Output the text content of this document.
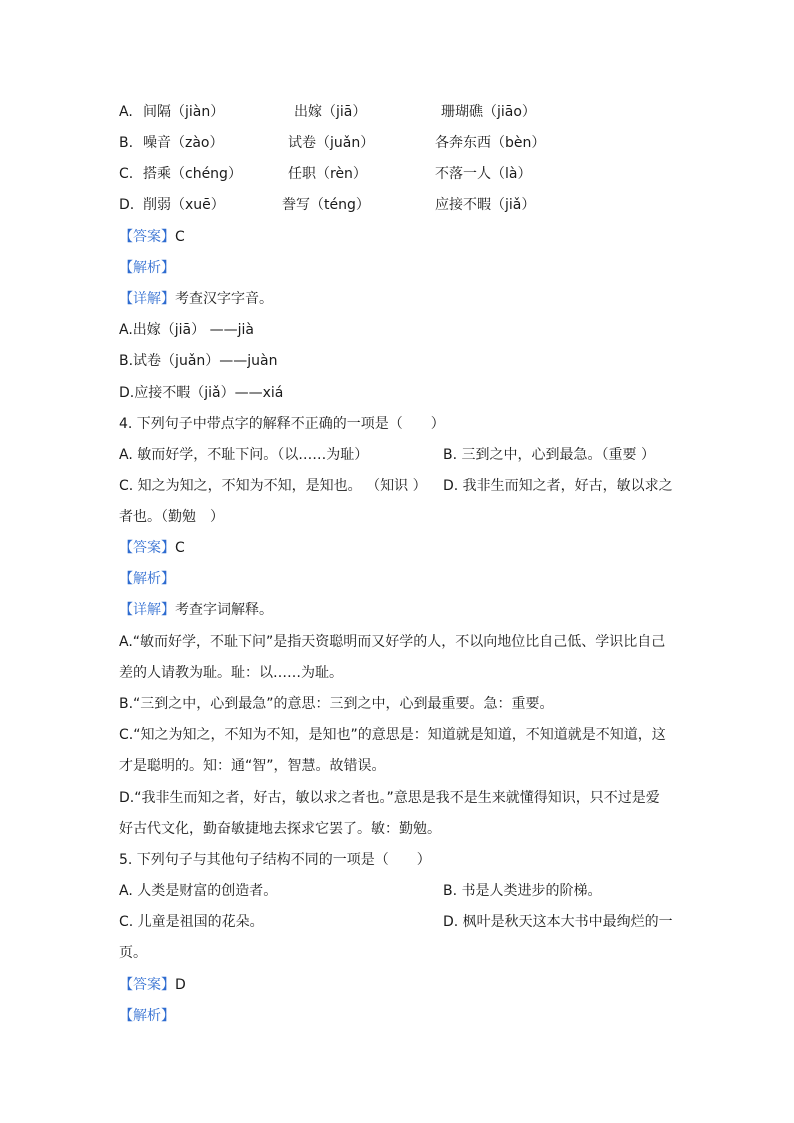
A. 间隔（jiàn）	出嫁（jiā）	珊瑚礁（jiāo）
B. 噪音（zào）	试卷（juǎn）	各奔东西（bèn）
C. 搭乘（chéng）	任职（rèn）	不落一人（là）
D. 削弱（xuē）	誊写（téng）	应接不暇（jiǎ）
【答案】C
【解析】
【详解】考查汉字字音。
A.出嫁（jiā） ——jià
B.试卷（juǎn）——juàn
D.应接不暇（jiǎ）——xiá
4. 下列句子中带点字的解释不正确的一项是（　　）
A. 敏而好学，不耻下问。（以……为耻）	B. 三到之中，心到最急。（重要 ）
C. 知之为知之，不知为不知，是知也。 （知识 ） D. 我非生而知之者，好古，敏以求之
者也。（勤勉　）
【答案】C
【解析】
【详解】考查字词解释。
A.“敏而好学，不耻下问”是指天资聪明而又好学的人，不以向地位比自己低、学识比自己
差的人请教为耻。耻：以……为耻。
B.“三到之中，心到最急”的意思：三到之中，心到最重要。急：重要。
C.“知之为知之，不知为不知，是知也”的意思是：知道就是知道，不知道就是不知道，这
才是聪明的。知：通“智”，智慧。故错误。
D.“我非生而知之者，好古，敏以求之者也。”意思是我不是生来就懂得知识，只不过是爱
好古代文化，勤奋敏捷地去探求它罢了。敏：勤勉。
5. 下列句子与其他句子结构不同的一项是（　　）
A. 人类是财富的创造者。	B. 书是人类进步的阶梯。
C. 儿童是祖国的花朵。	D. 枫叶是秋天这本大书中最绚烂的一
页。
【答案】D
【解析】
